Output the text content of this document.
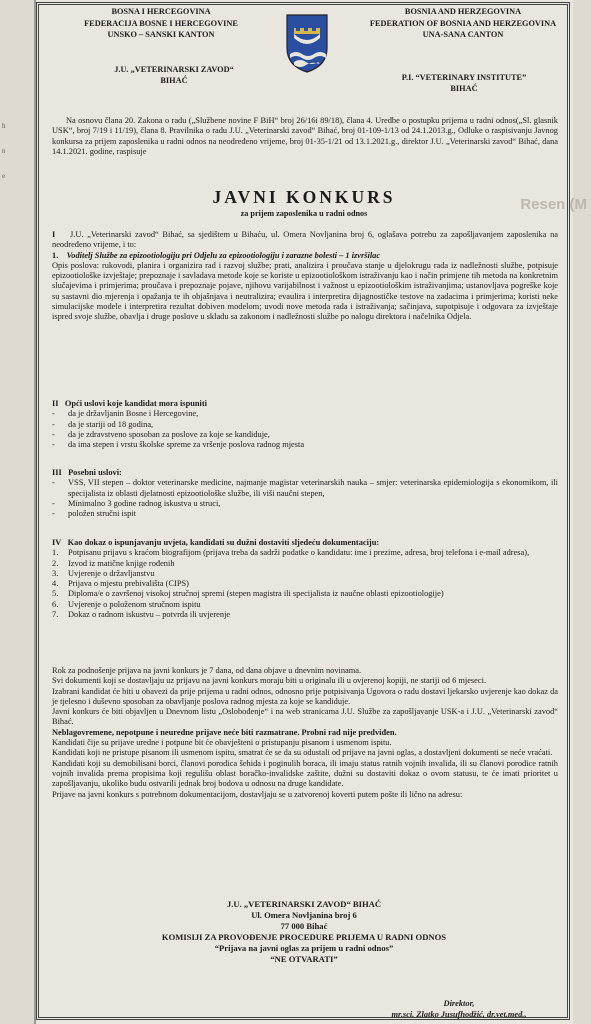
h
n
e
Resen (M
BOSNA I HERCEGOVINA
FEDERACIJA BOSNE I HERCEGOVINE
UNSKO – SANSKI KANTON
J.U. „VETERINARSKI ZAVOD“
BIHAĆ
BOSNIA AND HERZEGOVINA
FEDERATION OF BOSNIA AND HERZEGOVINA
UNA-SANA CANTON
P.I. “VETERINARY INSTITUTE”
BIHAĆ
Na osnovu člana 20. Zakona o radu („Službene novine F BiH“ broj 26/16i 89/18), člana 4. Uredbe o postupku prijema u radni odnos(„Sl. glasnik USK“, broj 7/19 i 11/19), člana 8. Pravilnika o radu J.U. „Veterinarski zavod“ Bihać, broj 01-109-1/13 od 24.1.2013.g., Odluke o raspisivanju Javnog konkursa za prijem zaposlenika u radni odnos na neodređeno vrijeme, broj 01-35-1/21 od 13.1.2021.g., direktor J.U. „Veterinarski zavod“ Bihać, dana 14.1.2021. godine, raspisuje
JAVNI KONKURS
za prijem zaposlenika u radni odnos

I J.U. „Veterinarski zavod“ Bihać, sa sjedištem u Bihaću, ul. Omera Novljanina broj 6, oglašava potrebu za zapošljavanjem zaposlenika na neodređeno vrijeme, i to:

1. Voditelj Službe za epizootiologiju pri Odjelu za epizootiologiju i zarazne bolesti – 1 izvršilac

Opis poslova: rukovodi, planira i organizira rad i razvoj službe; prati, analizira i proučava stanje u djelokrugu rada iz nadležnosti službe, potpisuje epizootiološke izvještaje; prepoznaje i savladava metode koje se koriste u epizootiološkom istraživanju kao i način primjene tih metoda na konkretnim slučajevima i primjerima; proučava i prepoznaje pojave, njihovu varijabilnost i važnost u epizootiološkim istraživanjima; ustanovljava pogreške koje su sastavni dio mjerenja i opažanja te ih objašnjava i neutralizira; evaulira i interpretira dijagnostičke testove na zadacima i primjerima; koristi neke simulacijske modele i interpretira rezultat dobiven modelom; uvodi nove metoda rada i istraživanja; sačinjava, supotpisuje i odgovara za izvještaje ispred svoje službe, obavlja i druge poslove u skladu sa zakonom i nadležnosti službe po nalogu direktora i načelnika Odjela.

II Opći uslovi koje kandidat mora ispuniti

- da je državljanin Bosne i Hercegovine,
- da je stariji od 18 godina,
- da je zdravstveno sposoban za poslove za koje se kandiduje,
- da ima stepen i vrstu školske spreme za vršenje poslova radnog mjesta

III Posebni uslovi:

- VSS, VII stepen – doktor veterinarske medicine, najmanje magistar veterinarskih nauka – smjer: veterinarska epidemiologija s ekonomikom, ili specijalista iz oblasti djelatnosti epizootiološke službe, ili viši naučni stepen,
- Minimalno 3 godine radnog iskustva u struci,
- položen stručni ispit

IV Kao dokaz o ispunjavanju uvjeta, kandidati su dužni dostaviti sljedeću dokumentaciju:

1. Potpisanu prijavu s kraćom biografijom (prijava treba da sadrži podatke o kandidatu: ime i prezime, adresa, broj telefona i e-mail adresa),
2. Izvod iz matične knjige rođenih
3. Uvjerenje o državljanstvu
4. Prijava o mjestu prebivališta (CIPS)
5. Diploma/e o završenoj visokoj stručnoj spremi (stepen magistra ili specijalista iz naučne oblasti epizootiologije)
6. Uvjerenje o položenom stručnom ispitu
7. Dokaz o radnom iskustvu – potvrda ili uvjerenje

Rok za podnošenje prijava na javni konkurs je 7 dana, od dana objave u dnevnim novinama.

Svi dokumenti koji se dostavljaju uz prijavu na javni konkurs moraju biti u originalu ili u ovjerenoj kopiji, ne stariji od 6 mjeseci.

Izabrani kandidat će biti u obavezi da prije prijema u radni odnos, odnosno prije potpisivanja Ugovora o radu dostavi ljekarsko uvjerenje kao dokaz da je tjelesno i duševno sposoban za obavljanje poslova radnog mjesta za koje se kandiduje.

Javni konkurs će biti objavljen u Dnevnom listu „Oslobođenje“ i na web stranicama J.U. Službe za zapošljavanje USK-a i J.U. „Veterinarski zavod“ Bihać.

Neblagovremene, nepotpune i neuredne prijave neće biti razmatrane. Probni rad nije predviđen.

Kandidati čije su prijave uredne i potpune bit će obavješteni o pristupanju pisanom i usmenom ispitu.

Kandidati koji ne pristupe pisanom ili usmenom ispitu, smatrat će se da su odustali od prijave na javni oglas, a dostavljeni dokumenti se neće vraćati.

Kandidati koji su demobilisani borci, članovi porodica šehida i poginulih boraca, ili imaju status ratnih vojnih invalida, ili su članovi porodice ratnih vojnih invalida prema propisima koji regulišu oblast boračko-invalidske zaštite, dužni su dostaviti dokaz o ovom statusu, te će imati prioritet u zapošljavanju, ukoliko budu ostvarili jednak broj bodova u odnosu na druge kandidate.

Prijave na javni konkurs s potrebnom dokumentacijom, dostavljaju se u zatvorenoj koverti putem pošte ili lično na adresu:

J.U. „VETERINARSKI ZAVOD“ BIHAĆ
Ul. Omera Novljanina broj 6
77 000 Bihać
KOMISIJI ZA PROVOĐENJE PROCEDURE PRIJEMA U RADNI ODNOS
“Prijava na javni oglas za prijem u radni odnos”
“NE OTVARATI”
Direktor,
mr.sci. Zlatko Jusufhodžić, dr.vet.med.,
